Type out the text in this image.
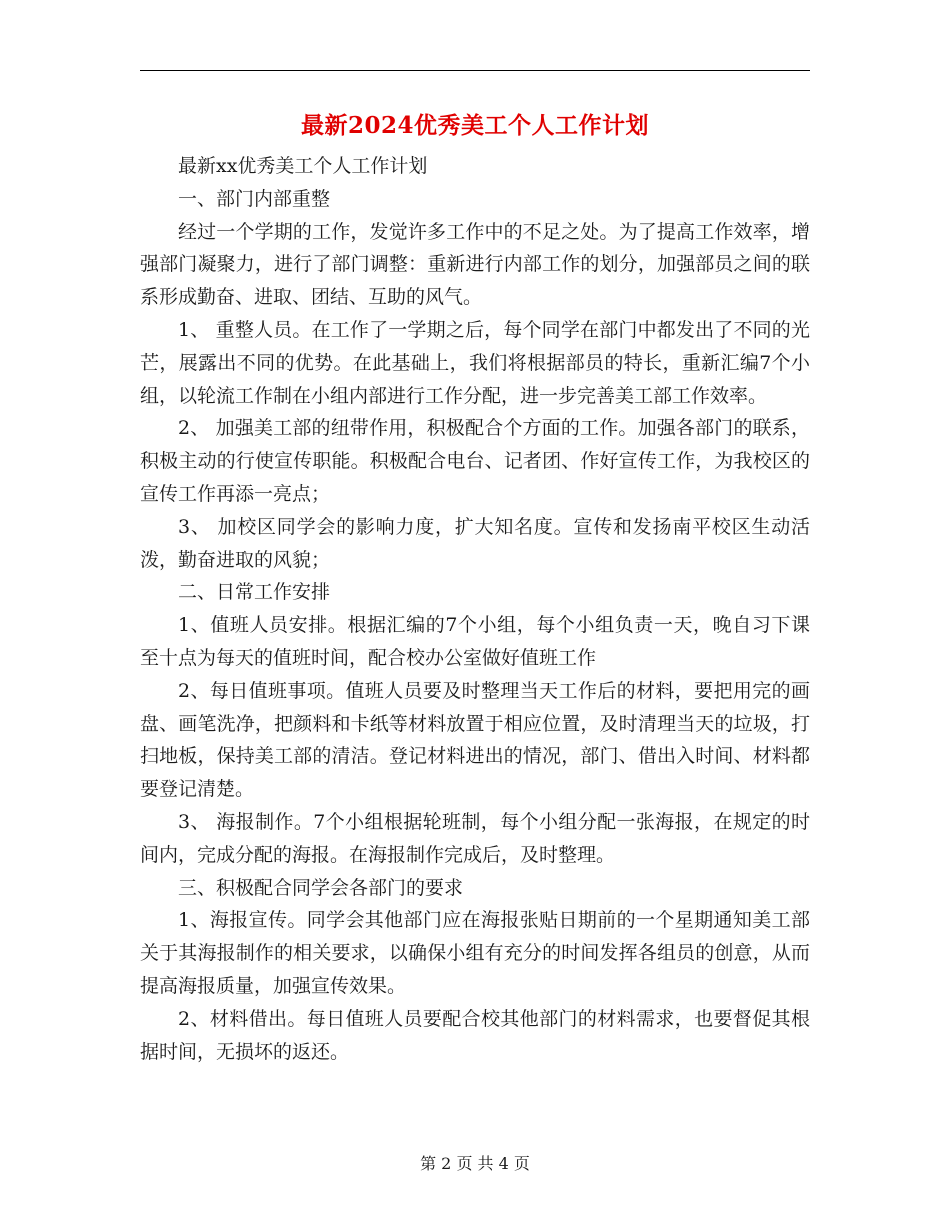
最新2024优秀美工个人工作计划

最新xx优秀美工个人工作计划

一、部门内部重整

经过一个学期的工作，发觉许多工作中的不足之处。为了提高工作效率，增强部门凝聚力，进行了部门调整：重新进行内部工作的划分，加强部员之间的联系形成勤奋、进取、团结、互助的风气。

1、 重整人员。在工作了一学期之后，每个同学在部门中都发出了不同的光芒，展露出不同的优势。在此基础上，我们将根据部员的特长，重新汇编7个小组，以轮流工作制在小组内部进行工作分配，进一步完善美工部工作效率。

2、 加强美工部的纽带作用，积极配合个方面的工作。加强各部门的联系，积极主动的行使宣传职能。积极配合电台、记者团、作好宣传工作，为我校区的宣传工作再添一亮点；

3、 加校区同学会的影响力度，扩大知名度。宣传和发扬南平校区生动活泼，勤奋进取的风貌；

二、日常工作安排

1、值班人员安排。根据汇编的7个小组，每个小组负责一天，晚自习下课至十点为每天的值班时间，配合校办公室做好值班工作

2、每日值班事项。值班人员要及时整理当天工作后的材料，要把用完的画盘、画笔洗净，把颜料和卡纸等材料放置于相应位置，及时清理当天的垃圾，打扫地板，保持美工部的清洁。登记材料进出的情况，部门、借出入时间、材料都要登记清楚。

3、 海报制作。7个小组根据轮班制，每个小组分配一张海报，在规定的时间内，完成分配的海报。在海报制作完成后，及时整理。

三、积极配合同学会各部门的要求

1、海报宣传。同学会其他部门应在海报张贴日期前的一个星期通知美工部关于其海报制作的相关要求，以确保小组有充分的时间发挥各组员的创意，从而提高海报质量，加强宣传效果。

2、材料借出。每日值班人员要配合校其他部门的材料需求，也要督促其根据时间，无损坏的返还。

第 2 页 共 4 页
